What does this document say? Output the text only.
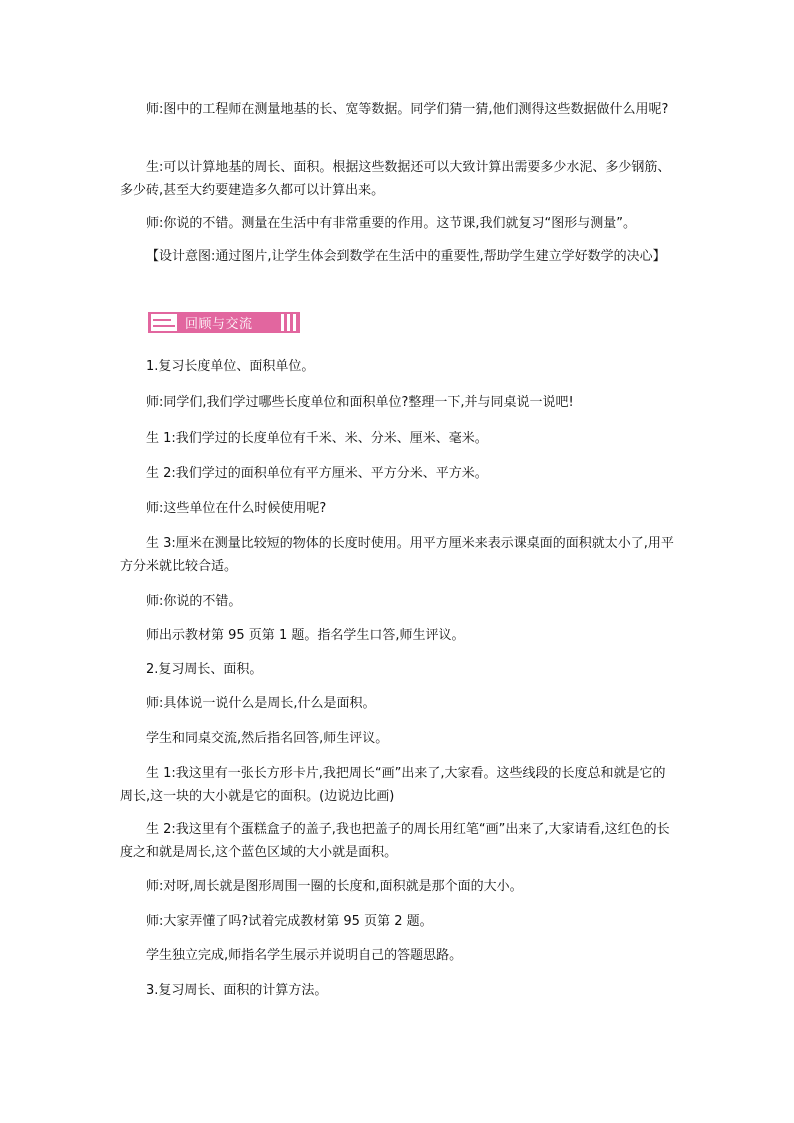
师:图中的工程师在测量地基的长、宽等数据。同学们猜一猜,他们测得这些数据做什么用呢?

生:可以计算地基的周长、面积。根据这些数据还可以大致计算出需要多少水泥、多少钢筋、多少砖,甚至大约要建造多久都可以计算出来。

师:你说的不错。测量在生活中有非常重要的作用。这节课,我们就复习“图形与测量”。

【设计意图:通过图片,让学生体会到数学在生活中的重要性,帮助学生建立学好数学的决心】

回顾与交流

1.复习长度单位、面积单位。

师:同学们,我们学过哪些长度单位和面积单位?整理一下,并与同桌说一说吧!

生 1:我们学过的长度单位有千米、米、分米、厘米、毫米。

生 2:我们学过的面积单位有平方厘米、平方分米、平方米。

师:这些单位在什么时候使用呢?

生 3:厘米在测量比较短的物体的长度时使用。用平方厘米来表示课桌面的面积就太小了,用平方分米就比较合适。

师:你说的不错。

师出示教材第 95 页第 1 题。指名学生口答,师生评议。

2.复习周长、面积。

师:具体说一说什么是周长,什么是面积。

学生和同桌交流,然后指名回答,师生评议。

生 1:我这里有一张长方形卡片,我把周长“画”出来了,大家看。这些线段的长度总和就是它的周长,这一块的大小就是它的面积。(边说边比画)

生 2:我这里有个蛋糕盒子的盖子,我也把盖子的周长用红笔“画”出来了,大家请看,这红色的长度之和就是周长,这个蓝色区域的大小就是面积。

师:对呀,周长就是图形周围一圈的长度和,面积就是那个面的大小。

师:大家弄懂了吗?试着完成教材第 95 页第 2 题。

学生独立完成,师指名学生展示并说明自己的答题思路。

3.复习周长、面积的计算方法。
